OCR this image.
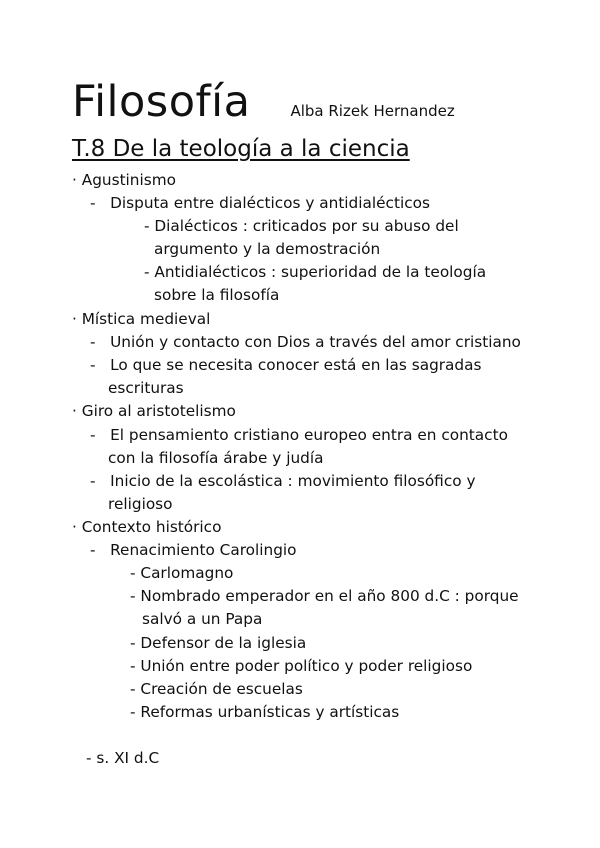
Filosofía	Alba Rizek Hernandez
T.8 De la teología a la ciencia
· Agustinismo
-   Disputa entre dialécticos y antidialécticos
- Dialécticos : criticados por su abuso del
argumento y la demostración
- Antidialécticos : superioridad de la teología
sobre la filosofía
· Mística medieval
-   Unión y contacto con Dios a través del amor cristiano
-   Lo que se necesita conocer está en las sagradas
escrituras
· Giro al aristotelismo
-   El pensamiento cristiano europeo entra en contacto
con la filosofía árabe y judía
-   Inicio de la escolástica : movimiento filosófico y
religioso
· Contexto histórico
-   Renacimiento Carolingio
- Carlomagno
- Nombrado emperador en el año 800 d.C : porque
salvó a un Papa
- Defensor de la iglesia
- Unión entre poder político y poder religioso
- Creación de escuelas
- Reformas urbanísticas y artísticas
- s. XI d.C
